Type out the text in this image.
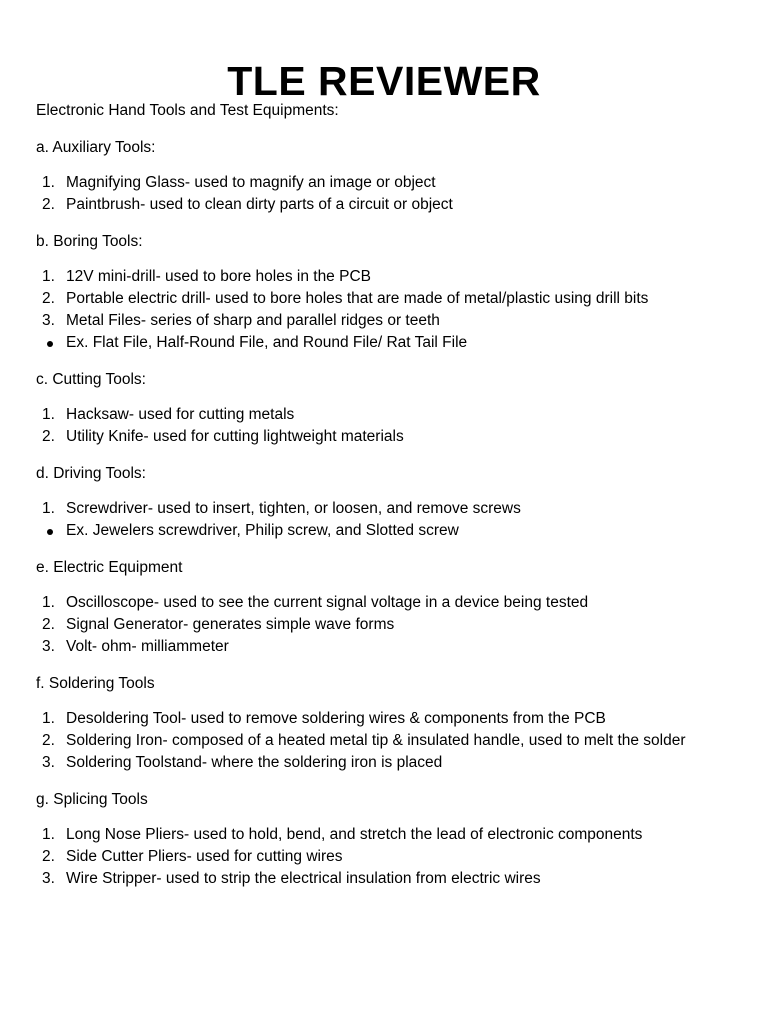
TLE REVIEWER
Electronic Hand Tools and Test Equipments:
a. Auxiliary Tools:
1. Magnifying Glass- used to magnify an image or object
2. Paintbrush- used to clean dirty parts of a circuit or object
b. Boring Tools:
1. 12V mini-drill- used to bore holes in the PCB
2. Portable electric drill- used to bore holes that are made of metal/plastic using drill bits
3. Metal Files- series of sharp and parallel ridges or teeth
Ex. Flat File, Half-Round File, and Round File/ Rat Tail File
c. Cutting Tools:
1. Hacksaw- used for cutting metals
2. Utility Knife- used for cutting lightweight materials
d. Driving Tools:
1. Screwdriver- used to insert, tighten, or loosen, and remove screws
Ex. Jewelers screwdriver, Philip screw, and Slotted screw
e. Electric Equipment
1. Oscilloscope- used to see the current signal voltage in a device being tested
2. Signal Generator- generates simple wave forms
3. Volt- ohm- milliammeter
f. Soldering Tools
1. Desoldering Tool- used to remove soldering wires & components from the PCB
2. Soldering Iron- composed of a heated metal tip & insulated handle, used to melt the solder
3. Soldering Toolstand- where the soldering iron is placed
g. Splicing Tools
1. Long Nose Pliers- used to hold, bend, and stretch the lead of electronic components
2. Side Cutter Pliers- used for cutting wires
3. Wire Stripper- used to strip the electrical insulation from electric wires
